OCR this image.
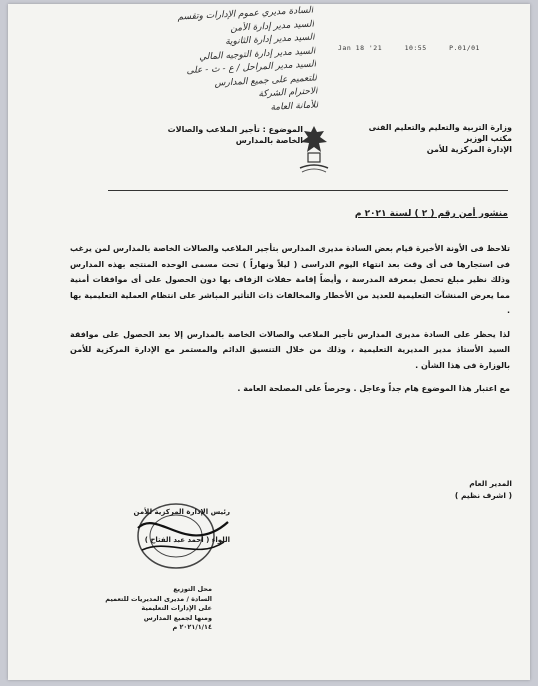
Jan 18 '21	10:55	P.01/01
السادة مديري عموم الإدارات وتقسم
السيد مدير إدارة الأمن
السيد مدير إدارة الثانوية
السيد مدير إدارة التوجيه المالي
السيد مدير المراحل / ع - ث - على
للتعميم على جميع المدارس
الاحترام الشركة
للأمانة العامة
وزارة التربية والتعليم والتعليم الفنى
مكتب الوزير
الإدارة المركزية للأمن
الموضوع : تأجير الملاعب والصالات
الخاصة بالمدارس
منشور أمن رقم ( ٢ ) لسنة ٢٠٢١ م

تلاحظ فى الأونة الأخيرة قيام بعض السادة مديرى المدارس بتأجير الملاعب والصالات الخاصة بالمدارس لمن يرغب فى استجارها فى أى وقت بعد انتهاء اليوم الدراسى ( ليلاً ونهاراً ) تحت مسمى الوحده المنتجه بهذه المدارس وذلك نظير مبلغ تحصل بمعرفة المدرسة ، وأيضاً إقامة حفلات الزفاف بها دون الحصول على أى موافقات أمنية مما يعرض المنشآت التعليمية للعديد من الأخطار والمخالفات ذات التأثير المباشر على انتظام العملية التعليمية بها .

لذا يحظر على السادة مديرى المدارس تأجير الملاعب والصالات الخاصة بالمدارس إلا بعد الحصول على موافقة السيد الأستاذ مدير المديرية التعليمية ، وذلك من خلال التنسيق الدائم والمستمر مع الإدارة المركزية للأمن بالوزارة فى هذا الشأن .

مع اعتبار هذا الموضوع هام جداً وعاجل . وحرصاً على المصلحة العامة .

المدير العام
( اشرف نظيم )
رئيس الإدارة المركزية للأمن
اللواء ( أحمد عبد الفتاح )
محل التوزيع
السادة / مديرى المديريات للتعميم
على الإدارات التعليمية
ومنها لجميع المدارس
٢٠٢١/١/١٤ م
